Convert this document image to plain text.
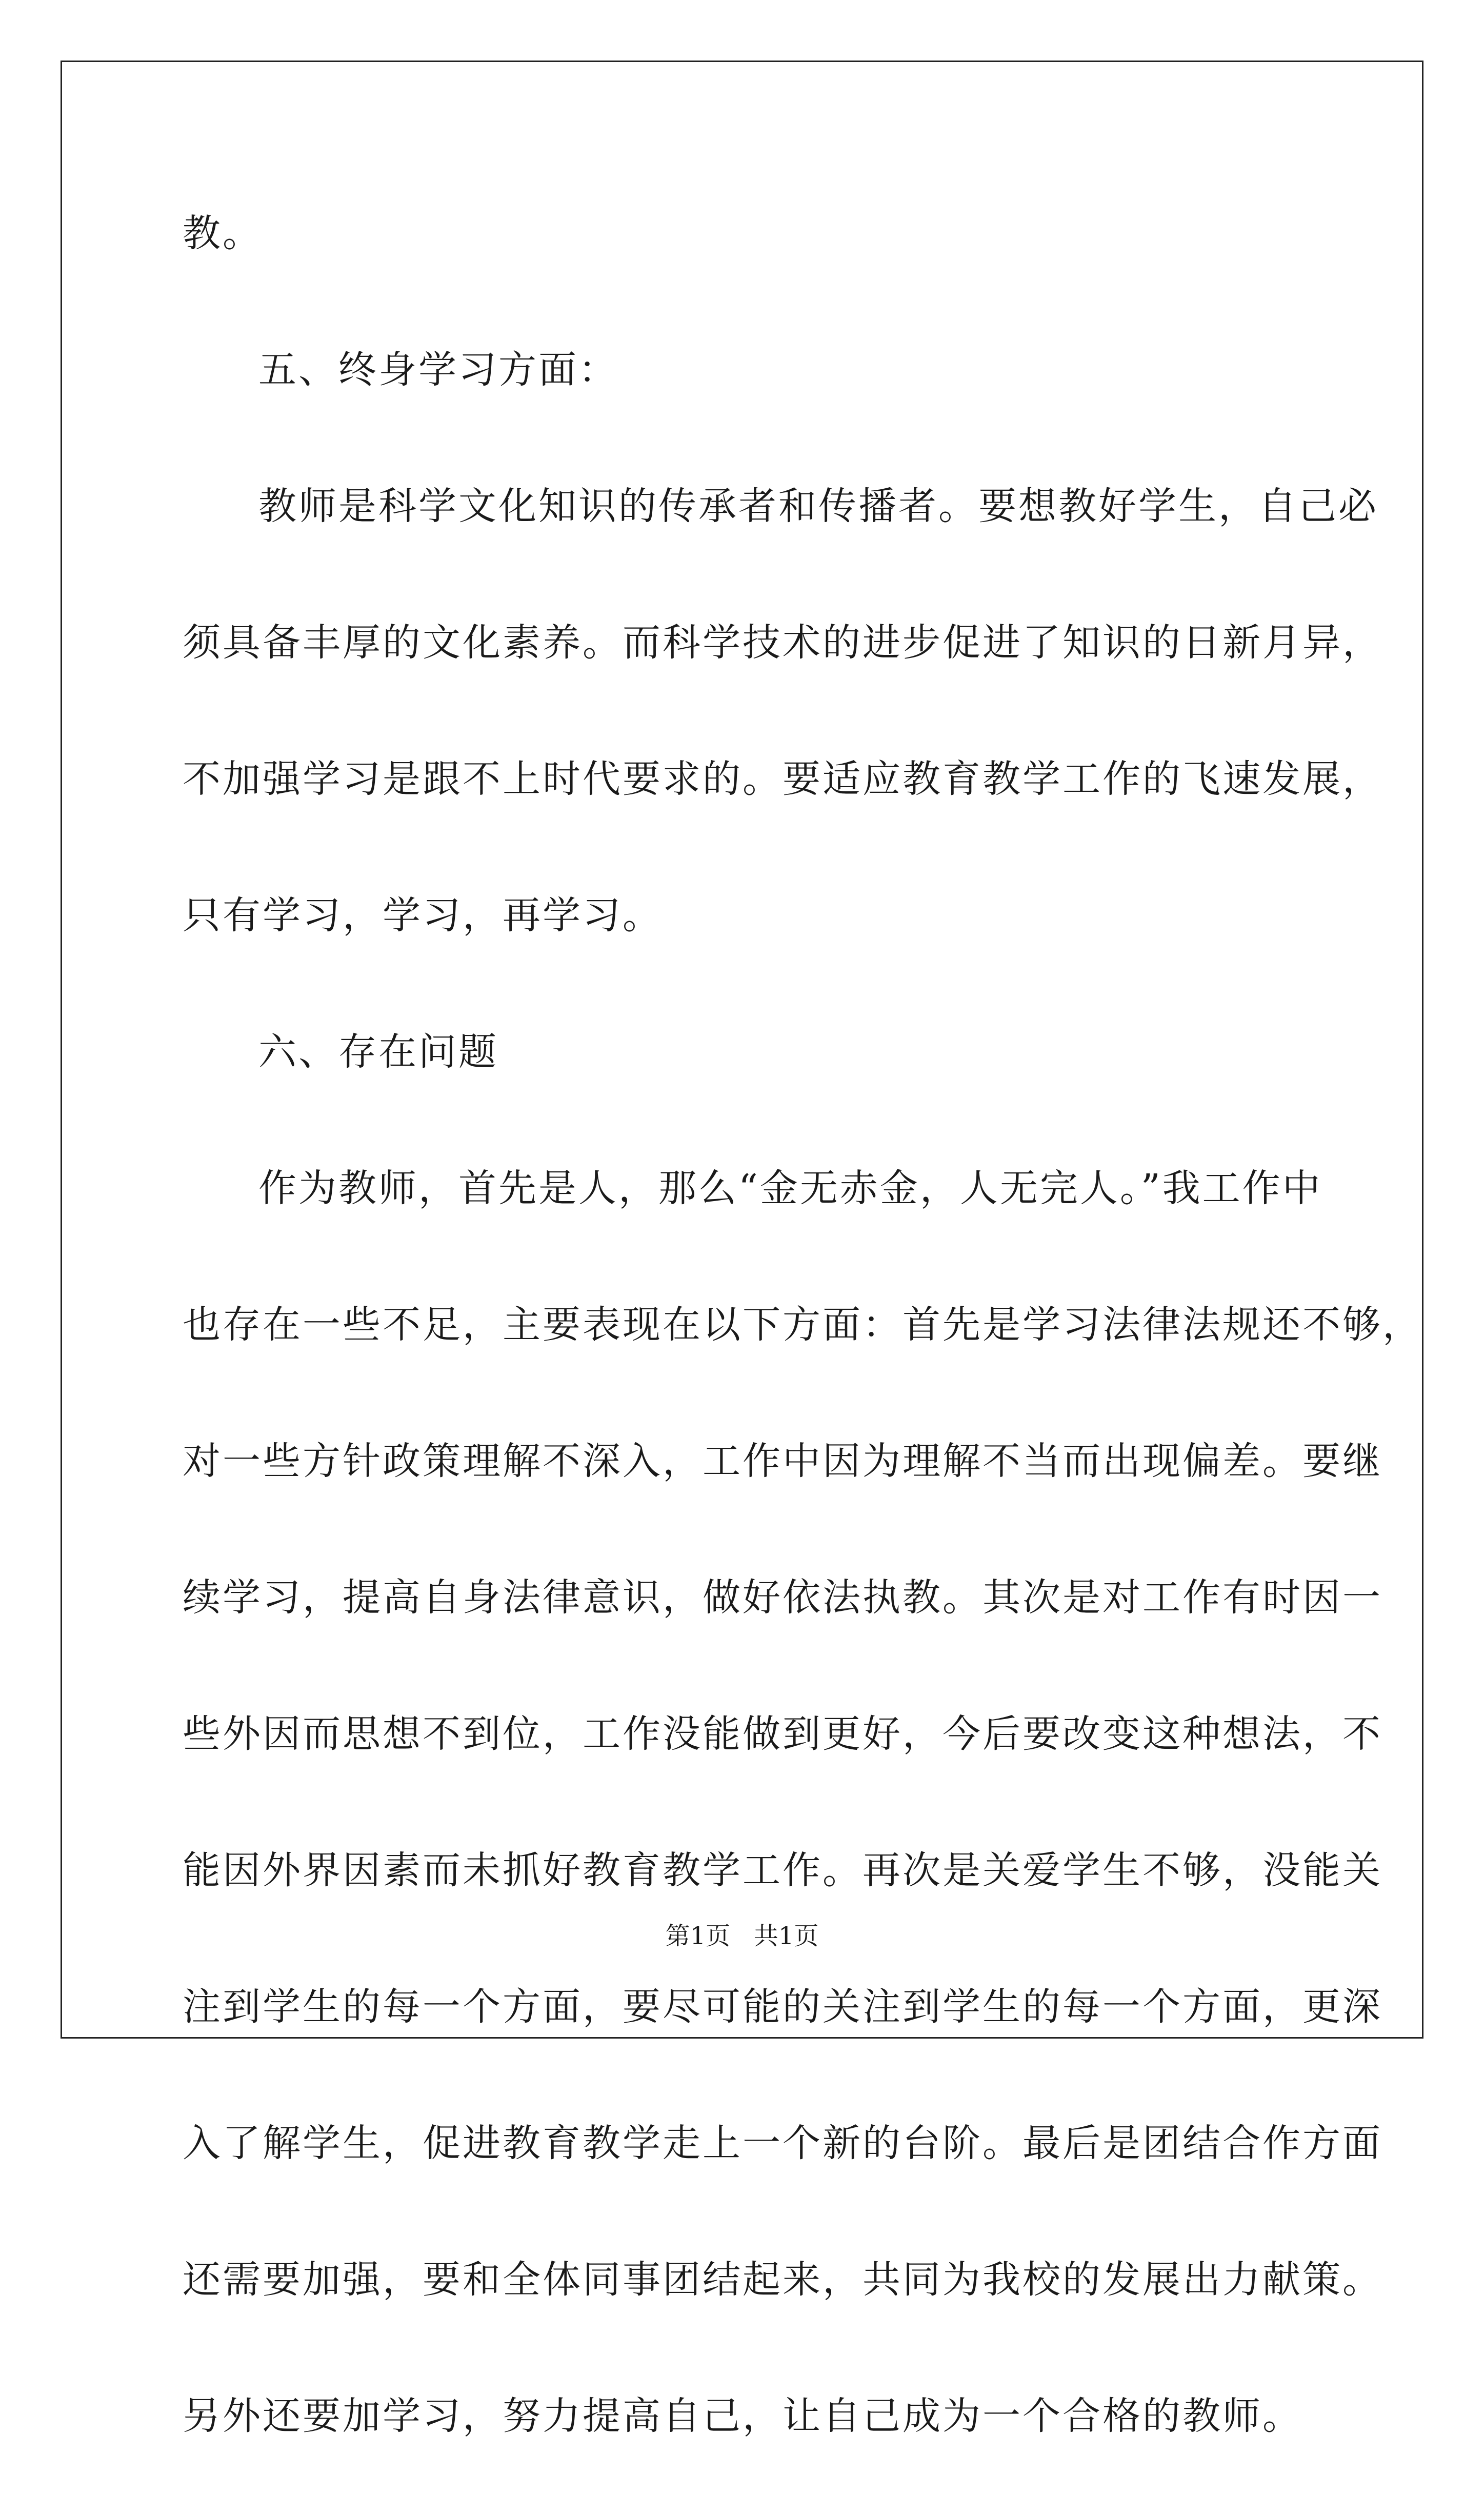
教。
五、终身学习方面：
教师是科学文化知识的传承者和传播者。要想教好学生，自己必
须具备丰厚的文化素养。而科学技术的进步促进了知识的日新月异，
不加强学习是跟不上时代要求的。要适应教育教学工作的飞速发展，
只有学习，学习，再学习。
六、存在问题
作为教师，首先是人，那么“金无赤金，人无完人。”我工作中
也存在一些不足，主要表现在以下方面：首先是学习法律法规还不够，
对一些方针政策理解不深入，工作中因为理解不当而出现偏差。要继
续学习，提高自身法律意识，做好依法执教。其次是对工作有时因一
些外因而思想不到位，工作没能做到更好，今后要改变这种想法，不
能因外界因素而未抓好教育教学工作。再次是关爱学生不够，没能关
注到学生的每一个方面，要尽可能的关注到学生的每一个方面，更深
入了解学生，促进教育教学走上一个新的台阶。最后是团结合作方面
还需要加强，要和全体同事团结起来，共同为我校的发展出力献策。
另外还要加学习，努力提高自己，让自己成为一个合格的教师。
第1页   共1页
